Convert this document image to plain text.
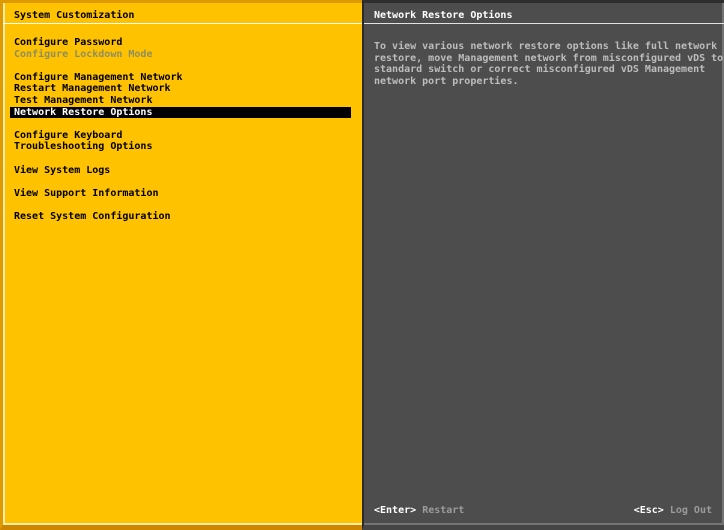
System Customization
Configure Password
Configure Lockdown Mode
Configure Management Network
Restart Management Network
Test Management Network
Network Restore Options
Configure Keyboard
Troubleshooting Options
View System Logs
View Support Information
Reset System Configuration
Network Restore Options
To view various network restore options like full network
restore, move Management network from misconfigured vDS to
standard switch or correct misconfigured vDS Management
network port properties.
<Enter> Restart	<Esc> Log Out
